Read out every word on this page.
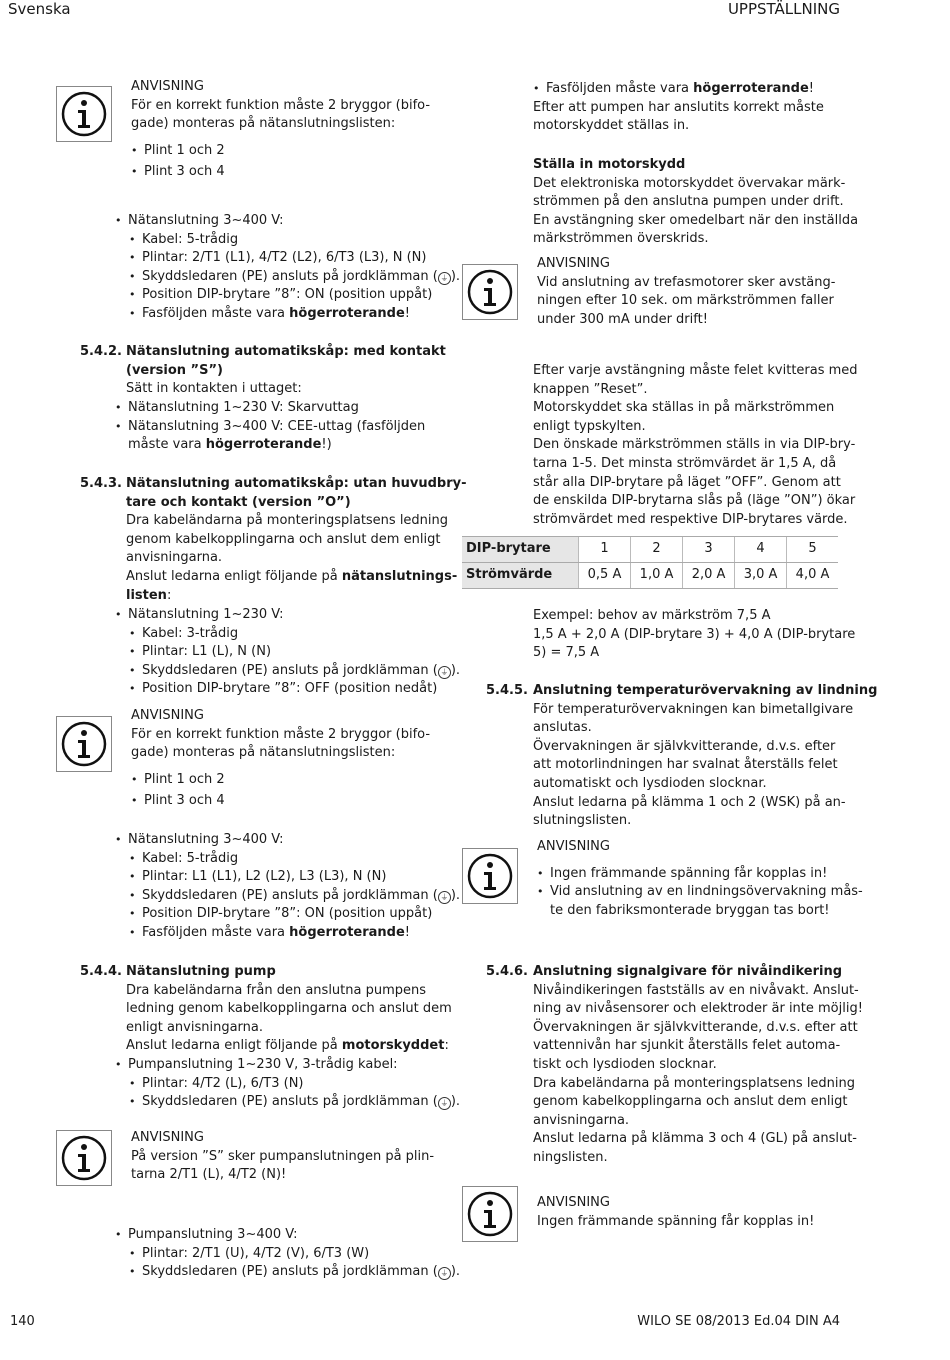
Svenska	UPPSTÄLLNING
ANVISNING
För en korrekt funktion måste 2 bryggor (bifo-
gade) monteras på nätanslutningslisten:
• Plint 1 och 2
• Plint 3 och 4
• Nätanslutning 3~400 V:
• Kabel: 5-trådig
• Plintar: 2/T1 (L1), 4/T2 (L2), 6/T3 (L3), N (N)
• Skyddsledaren (PE) ansluts på jordklämman ( ⏚ ).
• Position DIP-brytare ”8”: ON (position uppåt)
• Fasföljden måste vara högerroterande!
5.4.2. Nätanslutning automatikskåp: med kontakt
(version ”S”)
Sätt in kontakten i uttaget:
• Nätanslutning 1~230 V: Skarvuttag
• Nätanslutning 3~400 V: CEE-uttag (fasföljden
måste vara högerroterande!)
5.4.3. Nätanslutning automatikskåp: utan huvudbry-
tare och kontakt (version ”O”)
Dra kabeländarna på monteringsplatsens ledning
genom kabelkopplingarna och anslut dem enligt
anvisningarna.
Anslut ledarna enligt följande på nätanslutnings-
listen:
• Nätanslutning 1~230 V:
• Kabel: 3-trådig
• Plintar: L1 (L), N (N)
• Skyddsledaren (PE) ansluts på jordklämman ( ⏚ ).
• Position DIP-brytare ”8”: OFF (position nedåt)
ANVISNING
För en korrekt funktion måste 2 bryggor (bifo-
gade) monteras på nätanslutningslisten:
• Plint 1 och 2
• Plint 3 och 4
• Nätanslutning 3~400 V:
• Kabel: 5-trådig
• Plintar: L1 (L1), L2 (L2), L3 (L3), N (N)
• Skyddsledaren (PE) ansluts på jordklämman ( ⏚ ).
• Position DIP-brytare ”8”: ON (position uppåt)
• Fasföljden måste vara högerroterande!
5.4.4. Nätanslutning pump
Dra kabeländarna från den anslutna pumpens
ledning genom kabelkopplingarna och anslut dem
enligt anvisningarna.
Anslut ledarna enligt följande på motorskyddet:
• Pumpanslutning 1~230 V, 3-trådig kabel:
• Plintar: 4/T2 (L), 6/T3 (N)
• Skyddsledaren (PE) ansluts på jordklämman ( ⏚ ).
ANVISNING
På version ”S” sker pumpanslutningen på plin-
tarna 2/T1 (L), 4/T2 (N)!
• Pumpanslutning 3~400 V:
• Plintar: 2/T1 (U), 4/T2 (V), 6/T3 (W)
• Skyddsledaren (PE) ansluts på jordklämman ( ⏚ ).
• Fasföljden måste vara högerroterande!
Efter att pumpen har anslutits korrekt måste
motorskyddet ställas in.
Ställa in motorskydd
Det elektroniska motorskyddet övervakar märk-
strömmen på den anslutna pumpen under drift.
En avstängning sker omedelbart när den inställda
märkströmmen överskrids.
ANVISNING
Vid anslutning av trefasmotorer sker avstäng-
ningen efter 10 sek. om märkströmmen faller
under 300 mA under drift!
Efter varje avstängning måste felet kvitteras med
knappen ”Reset”.
Motorskyddet ska ställas in på märkströmmen
enligt typskylten.
Den önskade märkströmmen ställs in via DIP-bry-
tarna 1-5. Det minsta strömvärdet är 1,5 A, då
står alla DIP-brytare på läget ”OFF”. Genom att
de enskilda DIP-brytarna slås på (läge ”ON”) ökar
strömvärdet med respektive DIP-brytares värde.
DIP-brytare	1	2	3	4	5
Strömvärde	0,5 A	1,0 A	2,0 A	3,0 A	4,0 A
Exempel: behov av märkström 7,5 A
1,5 A + 2,0 A (DIP-brytare 3) + 4,0 A (DIP-brytare
5) = 7,5 A
5.4.5. Anslutning temperaturövervakning av lindning
För temperaturövervakningen kan bimetallgivare
anslutas.
Övervakningen är självkvitterande, d.v.s. efter
att motorlindningen har svalnat återställs felet
automatiskt och lysdioden slocknar.
Anslut ledarna på klämma 1 och 2 (WSK) på an-
slutningslisten.
ANVISNING
• Ingen främmande spänning får kopplas in!
• Vid anslutning av en lindningsövervakning mås-
te den fabriksmonterade bryggan tas bort!
5.4.6. Anslutning signalgivare för nivåindikering
Nivåindikeringen fastställs av en nivåvakt. Anslut-
ning av nivåsensorer och elektroder är inte möjlig!
Övervakningen är självkvitterande, d.v.s. efter att
vattennivån har sjunkit återställs felet automa-
tiskt och lysdioden slocknar.
Dra kabeländarna på monteringsplatsens ledning
genom kabelkopplingarna och anslut dem enligt
anvisningarna.
Anslut ledarna på klämma 3 och 4 (GL) på anslut-
ningslisten.
ANVISNING
Ingen främmande spänning får kopplas in!
140	WILO SE 08/2013 Ed.04 DIN A4
